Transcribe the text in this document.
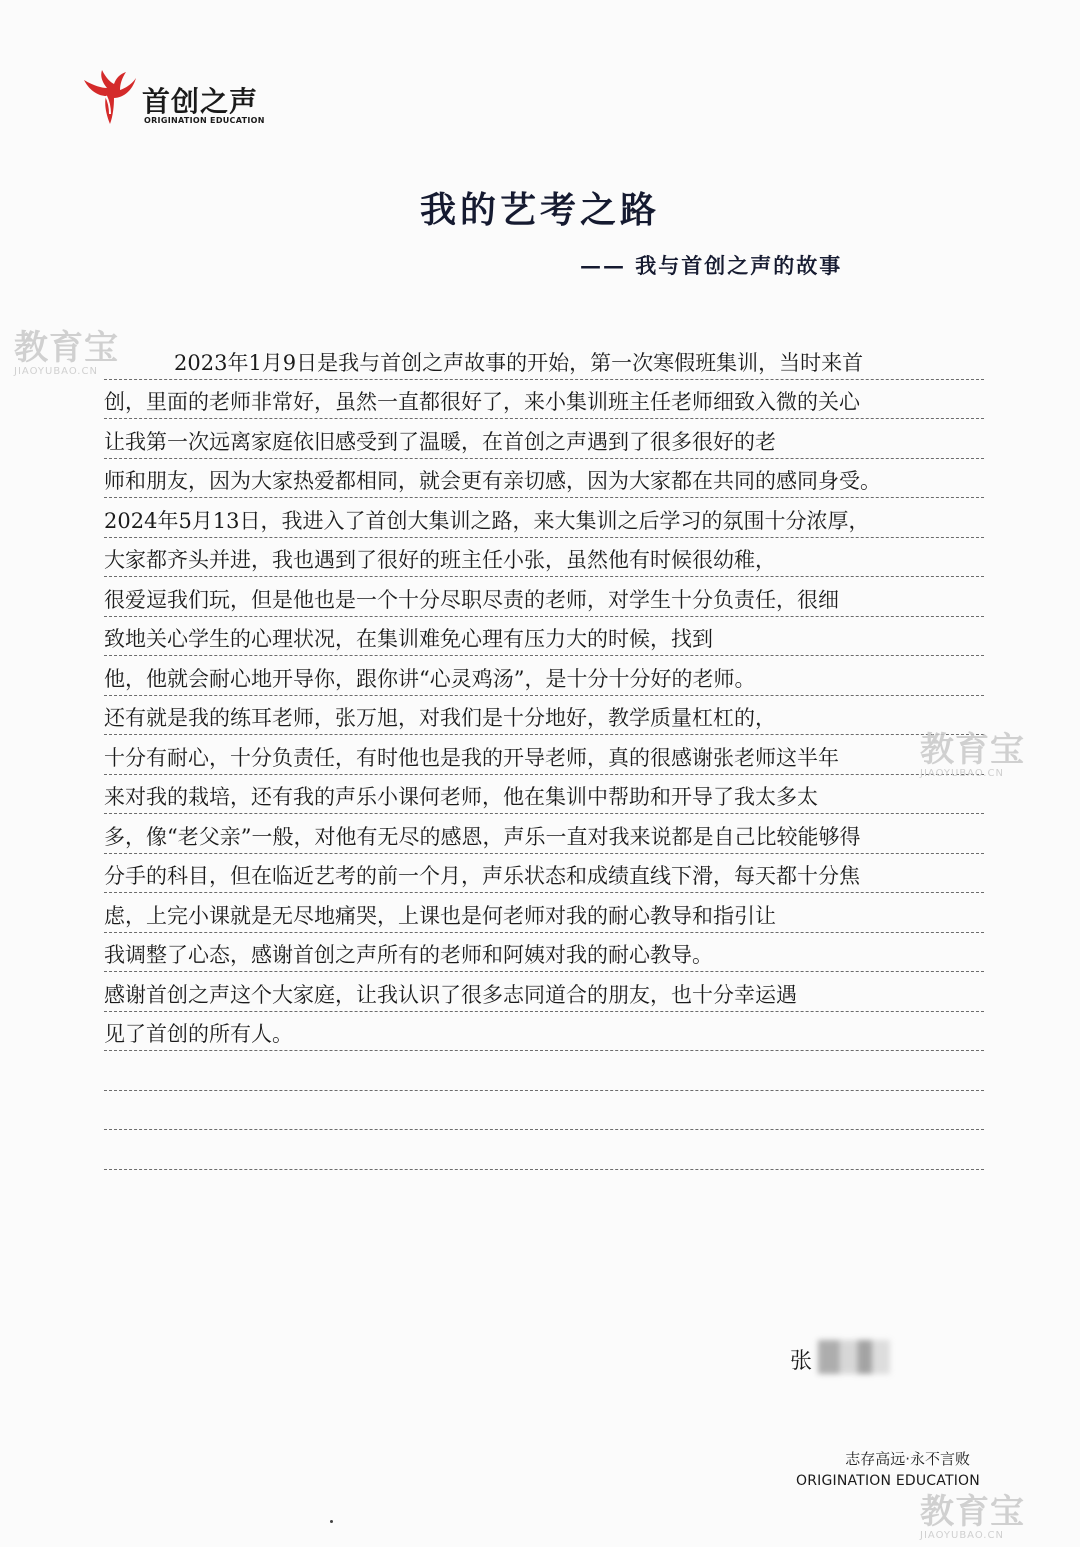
首创之声
ORIGINATION EDUCATION
我的艺考之路
—— 我与首创之声的故事
2023年1月9日是我与首创之声故事的开始，第一次寒假班集训，当时来首
创，里面的老师非常好，虽然一直都很好了，来小集训班主任老师细致入微的关心
让我第一次远离家庭依旧感受到了温暖，在首创之声遇到了很多很好的老
师和朋友，因为大家热爱都相同，就会更有亲切感，因为大家都在共同的感同身受。
2024年5月13日，我进入了首创大集训之路，来大集训之后学习的氛围十分浓厚，
大家都齐头并进，我也遇到了很好的班主任小张，虽然他有时候很幼稚，
很爱逗我们玩，但是他也是一个十分尽职尽责的老师，对学生十分负责任，很细
致地关心学生的心理状况，在集训难免心理有压力大的时候，找到
他，他就会耐心地开导你，跟你讲“心灵鸡汤”，是十分十分好的老师。
还有就是我的练耳老师，张万旭，对我们是十分地好，教学质量杠杠的，
十分有耐心，十分负责任，有时他也是我的开导老师，真的很感谢张老师这半年
来对我的栽培，还有我的声乐小课何老师，他在集训中帮助和开导了我太多太
多，像“老父亲”一般，对他有无尽的感恩，声乐一直对我来说都是自己比较能够得
分手的科目，但在临近艺考的前一个月，声乐状态和成绩直线下滑，每天都十分焦
虑，上完小课就是无尽地痛哭，上课也是何老师对我的耐心教导和指引让
我调整了心态，感谢首创之声所有的老师和阿姨对我的耐心教导。
感谢首创之声这个大家庭，让我认识了很多志同道合的朋友，也十分幸运遇
见了首创的所有人。
张
志存高远·永不言败
ORIGINATION EDUCATION
教育宝
JIAOYUBAO.CN
教育宝
JIAOYUBAO.CN
教育宝
JIAOYUBAO.CN
